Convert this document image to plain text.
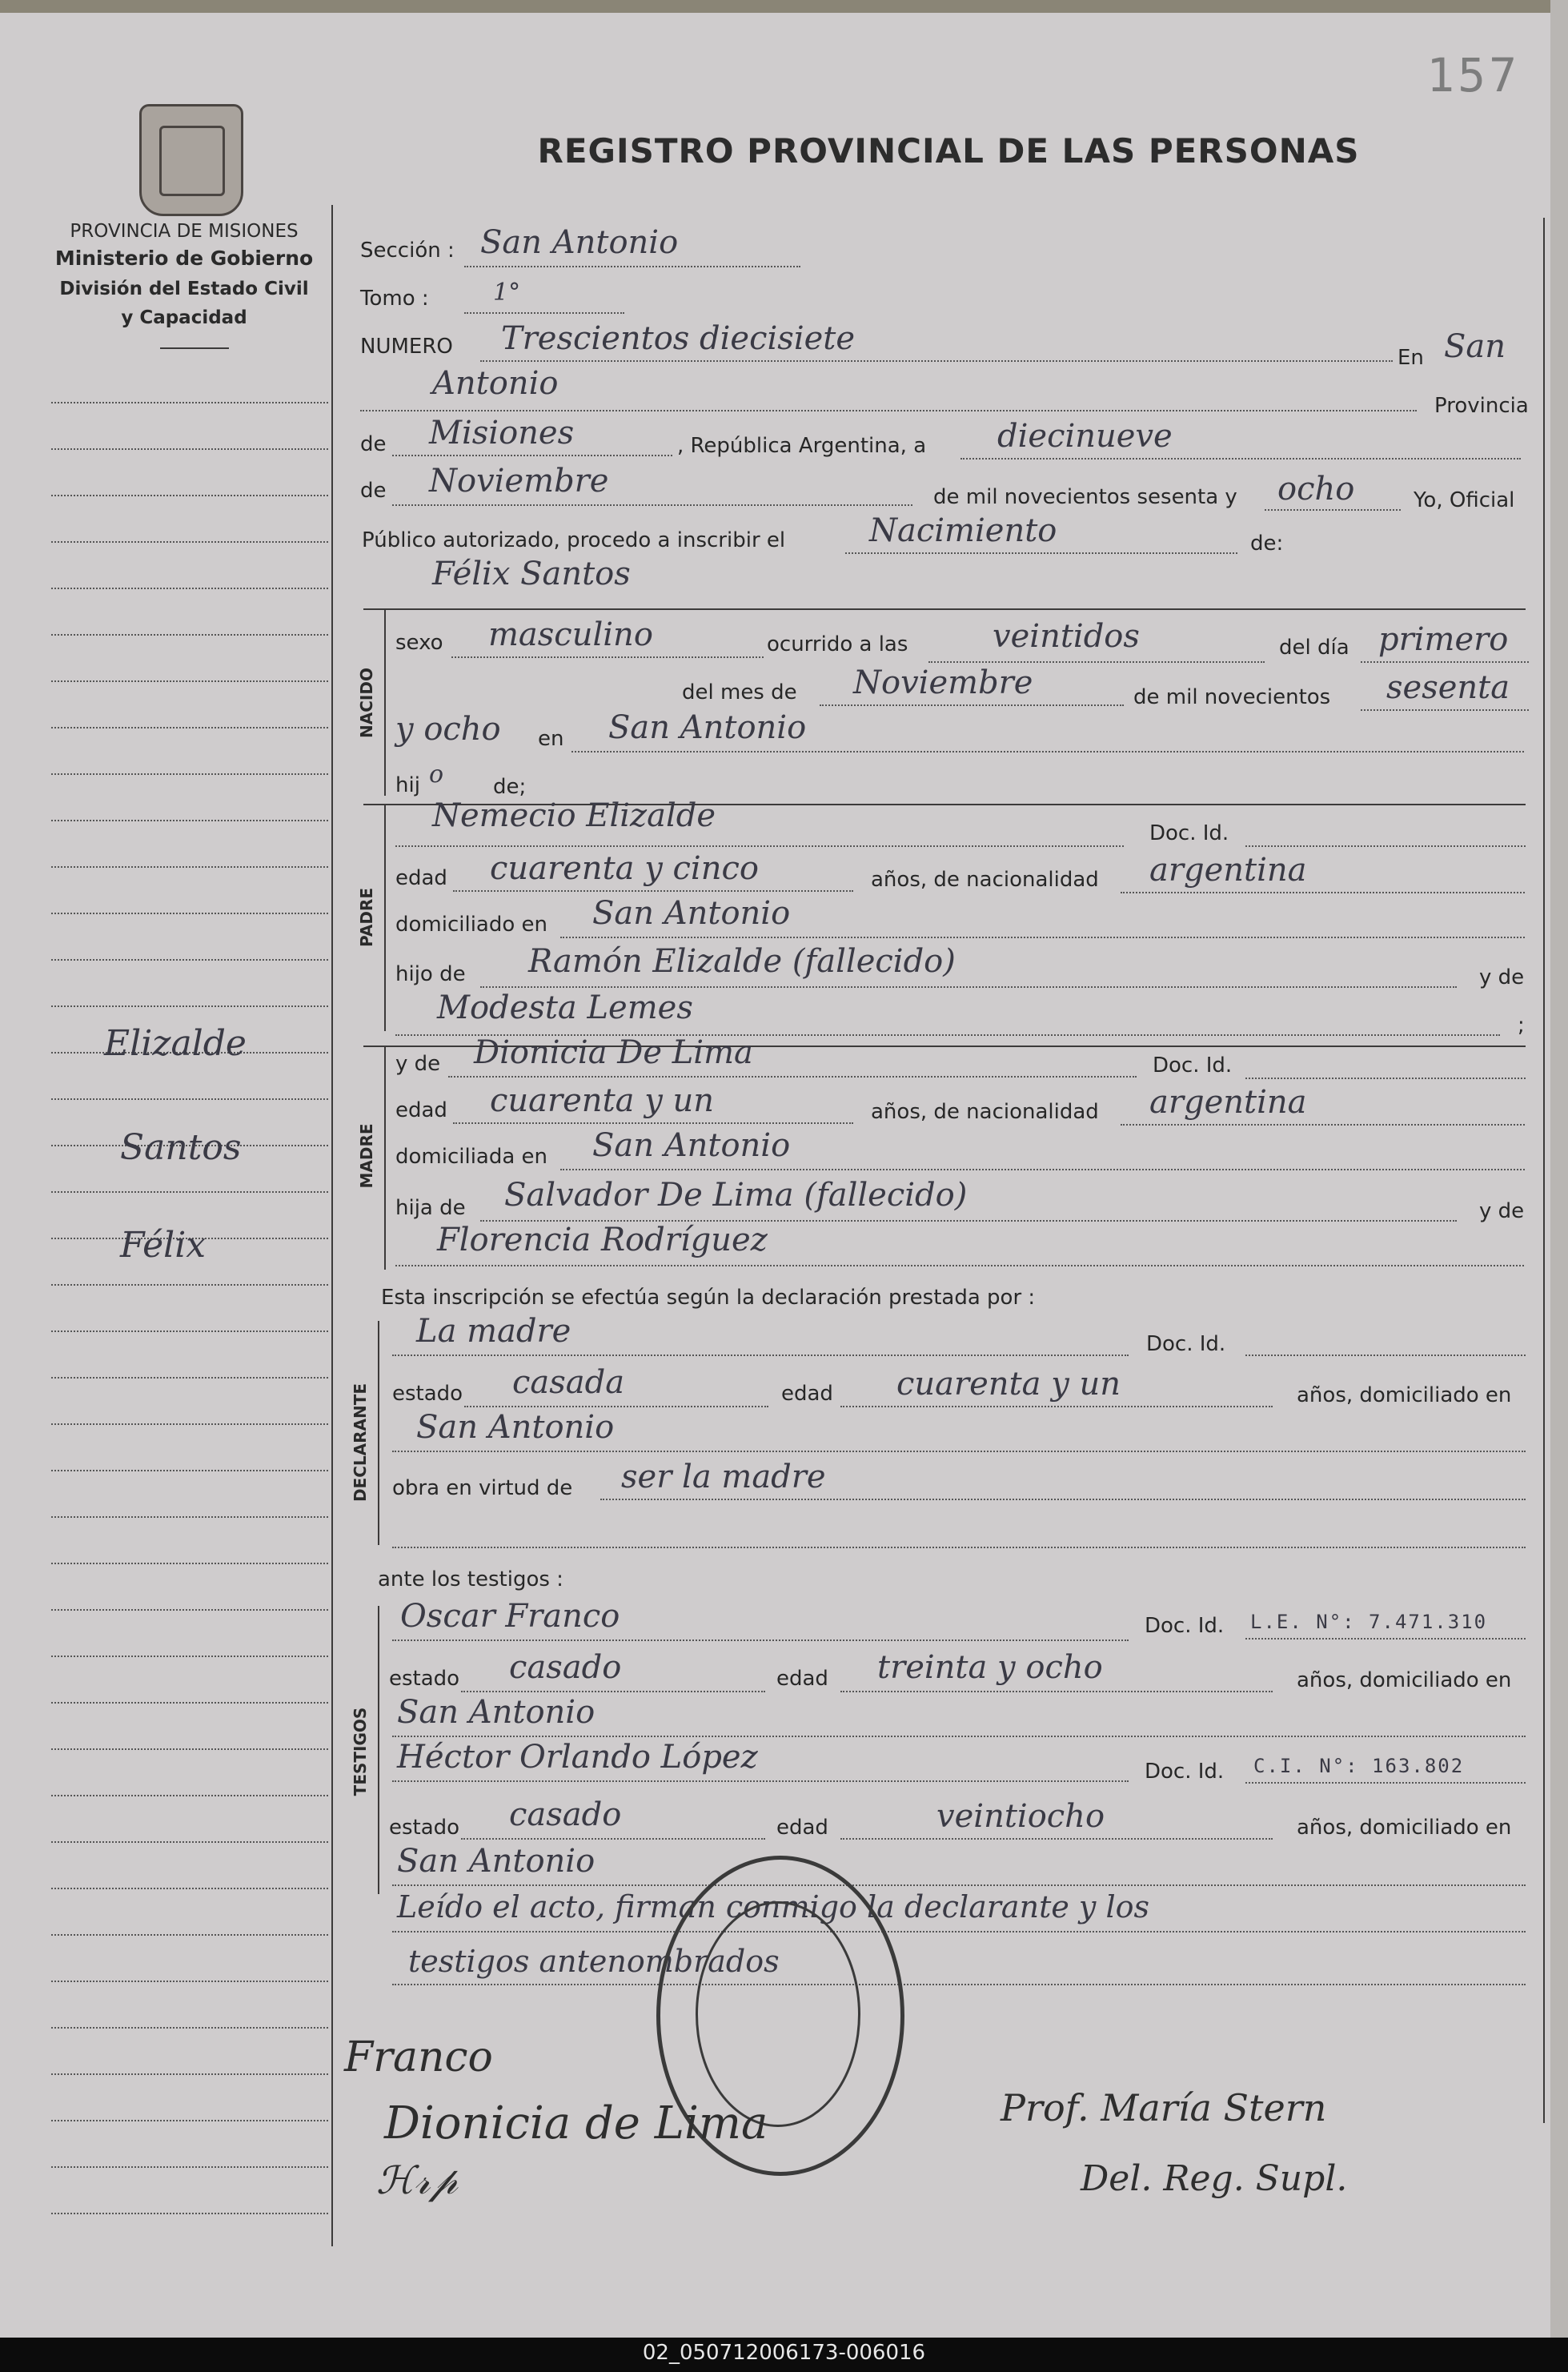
157
REGISTRO PROVINCIAL DE LAS PERSONAS
PROVINCIA DE MISIONES
Ministerio de Gobierno
División del Estado Civil
y Capacidad
Elizalde
Santos
Félix
Sección : San Antonio
Tomo :	1°
NUMERO Trescientos diecisiete
En San
Antonio
Provincia
de Misiones	, República Argentina, a diecinueve
de Noviembre	de mil novecientos sesenta y ocho	Yo, Oficial
Público autorizado, procedo a inscribir el	Nacimiento	de:
Félix Santos
NACIDO
sexo masculino	ocurrido a las	veintidos	del día primero
del mes de Noviembre	de mil novecientos sesenta
y ocho en San Antonio
hij o de;
PADRE
Nemecio Elizalde	Doc. Id.
edad cuarenta y cinco	años, de nacionalidad argentina
domiciliado en San Antonio
hijo de Ramón Elizalde (fallecido)	y de
Modesta Lemes	;
MADRE
y de Dionicia De Lima	Doc. Id.
edad cuarenta y un	años, de nacionalidad argentina
domiciliada en San Antonio
hija de Salvador De Lima (fallecido)	y de
Florencia Rodríguez
Esta inscripción se efectúa según la declaración prestada por :
DECLARANTE
La madre	Doc. Id.
estado casada	edad cuarenta y un	años, domiciliado en
San Antonio
obra en virtud de ser la madre
ante los testigos :
TESTIGOS
Oscar Franco	Doc. Id. L.E. N°: 7.471.310
estado casado	edad treinta y ocho	años, domiciliado en
San Antonio
Héctor Orlando López	Doc. Id. C.I. N°: 163.802
estado casado	edad	veintiocho	años, domiciliado en
San Antonio
Leído el acto, firman conmigo la declarante y los
testigos antenombrados
Franco
Dionicia de Lima
ℋ𝓇𝓅
Prof. María Stern
Del. Reg. Supl.
02_050712006173-006016
